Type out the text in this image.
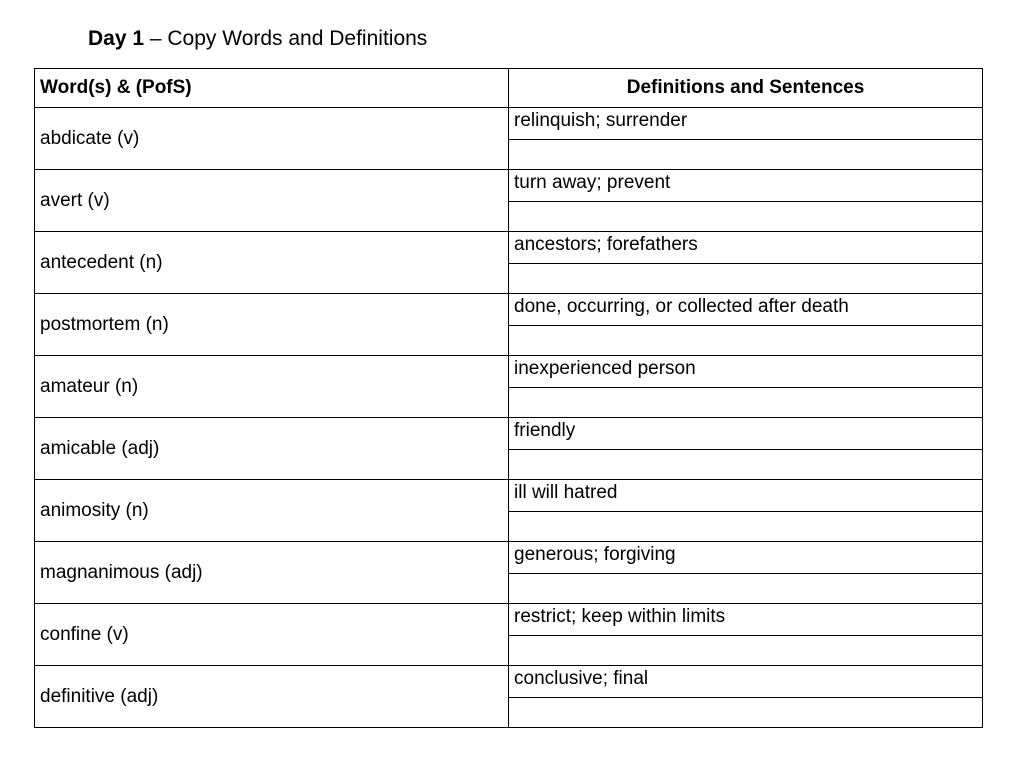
Day 1 – Copy Words and Definitions
Word(s) & (PofS)	Definitions and Sentences
abdicate (v)	relinquish; surrender

avert (v)	turn away; prevent

antecedent (n)	ancestors; forefathers

postmortem (n)	done, occurring, or collected after death

amateur (n)	inexperienced person

amicable (adj)	friendly

animosity (n)	ill will hatred

magnanimous (adj)	generous; forgiving

confine (v)	restrict; keep within limits

definitive (adj)	conclusive; final
